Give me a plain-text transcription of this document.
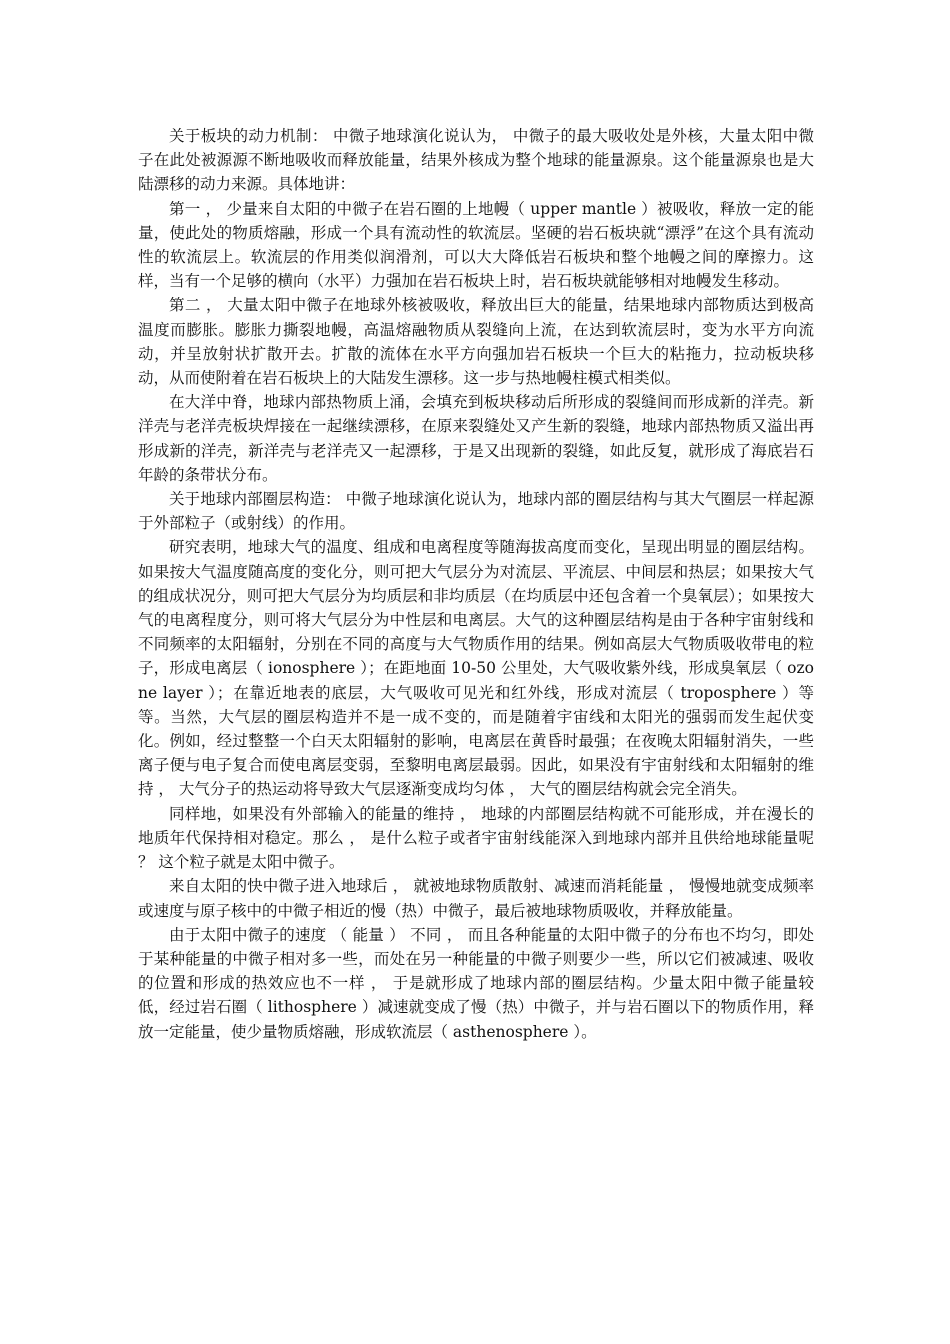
关于板块的动力机制： 中微子地球演化说认为， 中微子的最大吸收处是外核，大量太阳中微子在此处被源源不断地吸收而释放能量，结果外核成为整个地球的能量源泉。这个能量源泉也是大陆漂移的动力来源。具体地讲：

第一 ， 少量来自太阳的中微子在岩石圈的上地幔（ upper mantle ）被吸收，释放一定的能量，使此处的物质熔融，形成一个具有流动性的软流层。坚硬的岩石板块就“漂浮”在这个具有流动性的软流层上。软流层的作用类似润滑剂，可以大大降低岩石板块和整个地幔之间的摩擦力。这样，当有一个足够的横向（水平）力强加在岩石板块上时，岩石板块就能够相对地幔发生移动。

第二 ， 大量太阳中微子在地球外核被吸收，释放出巨大的能量，结果地球内部物质达到极高温度而膨胀。膨胀力撕裂地幔，高温熔融物质从裂缝向上流，在达到软流层时，变为水平方向流动，并呈放射状扩散开去。扩散的流体在水平方向强加岩石板块一个巨大的粘拖力，拉动板块移动，从而使附着在岩石板块上的大陆发生漂移。这一步与热地幔柱模式相类似。

在大洋中脊，地球内部热物质上涌，会填充到板块移动后所形成的裂缝间而形成新的洋壳。新洋壳与老洋壳板块焊接在一起继续漂移，在原来裂缝处又产生新的裂缝，地球内部热物质又溢出再形成新的洋壳，新洋壳与老洋壳又一起漂移，于是又出现新的裂缝，如此反复，就形成了海底岩石年龄的条带状分布。

关于地球内部圈层构造： 中微子地球演化说认为，地球内部的圈层结构与其大气圈层一样起源于外部粒子（或射线）的作用。

研究表明，地球大气的温度、组成和电离程度等随海拔高度而变化，呈现出明显的圈层结构。如果按大气温度随高度的变化分，则可把大气层分为对流层、平流层、中间层和热层；如果按大气的组成状况分，则可把大气层分为均质层和非均质层（在均质层中还包含着一个臭氧层）；如果按大气的电离程度分，则可将大气层分为中性层和电离层。大气的这种圈层结构是由于各种宇宙射线和不同频率的太阳辐射，分别在不同的高度与大气物质作用的结果。例如高层大气物质吸收带电的粒子，形成电离层（ ionosphere ）；在距地面 10-50 公里处，大气吸收紫外线，形成臭氧层（ ozone layer ）；在靠近地表的底层，大气吸收可见光和红外线，形成对流层（ troposphere ）等等。当然，大气层的圈层构造并不是一成不变的，而是随着宇宙线和太阳光的强弱而发生起伏变化。例如，经过整整一个白天太阳辐射的影响，电离层在黄昏时最强；在夜晚太阳辐射消失，一些离子便与电子复合而使电离层变弱，至黎明电离层最弱。因此，如果没有宇宙射线和太阳辐射的维持 ， 大气分子的热运动将导致大气层逐渐变成均匀体 ， 大气的圈层结构就会完全消失。

同样地，如果没有外部输入的能量的维持 ， 地球的内部圈层结构就不可能形成，并在漫长的地质年代保持相对稳定。那么 ， 是什么粒子或者宇宙射线能深入到地球内部并且供给地球能量呢 ？ 这个粒子就是太阳中微子。

来自太阳的快中微子进入地球后 ， 就被地球物质散射、减速而消耗能量 ， 慢慢地就变成频率或速度与原子核中的中微子相近的慢（热）中微子，最后被地球物质吸收，并释放能量。

由于太阳中微子的速度 （ 能量 ） 不同 ， 而且各种能量的太阳中微子的分布也不均匀，即处于某种能量的中微子相对多一些，而处在另一种能量的中微子则要少一些，所以它们被减速、吸收的位置和形成的热效应也不一样 ， 于是就形成了地球内部的圈层结构。少量太阳中微子能量较低，经过岩石圈（ lithosphere ）减速就变成了慢（热）中微子，并与岩石圈以下的物质作用，释放一定能量，使少量物质熔融，形成软流层（ asthenosphere ）。
